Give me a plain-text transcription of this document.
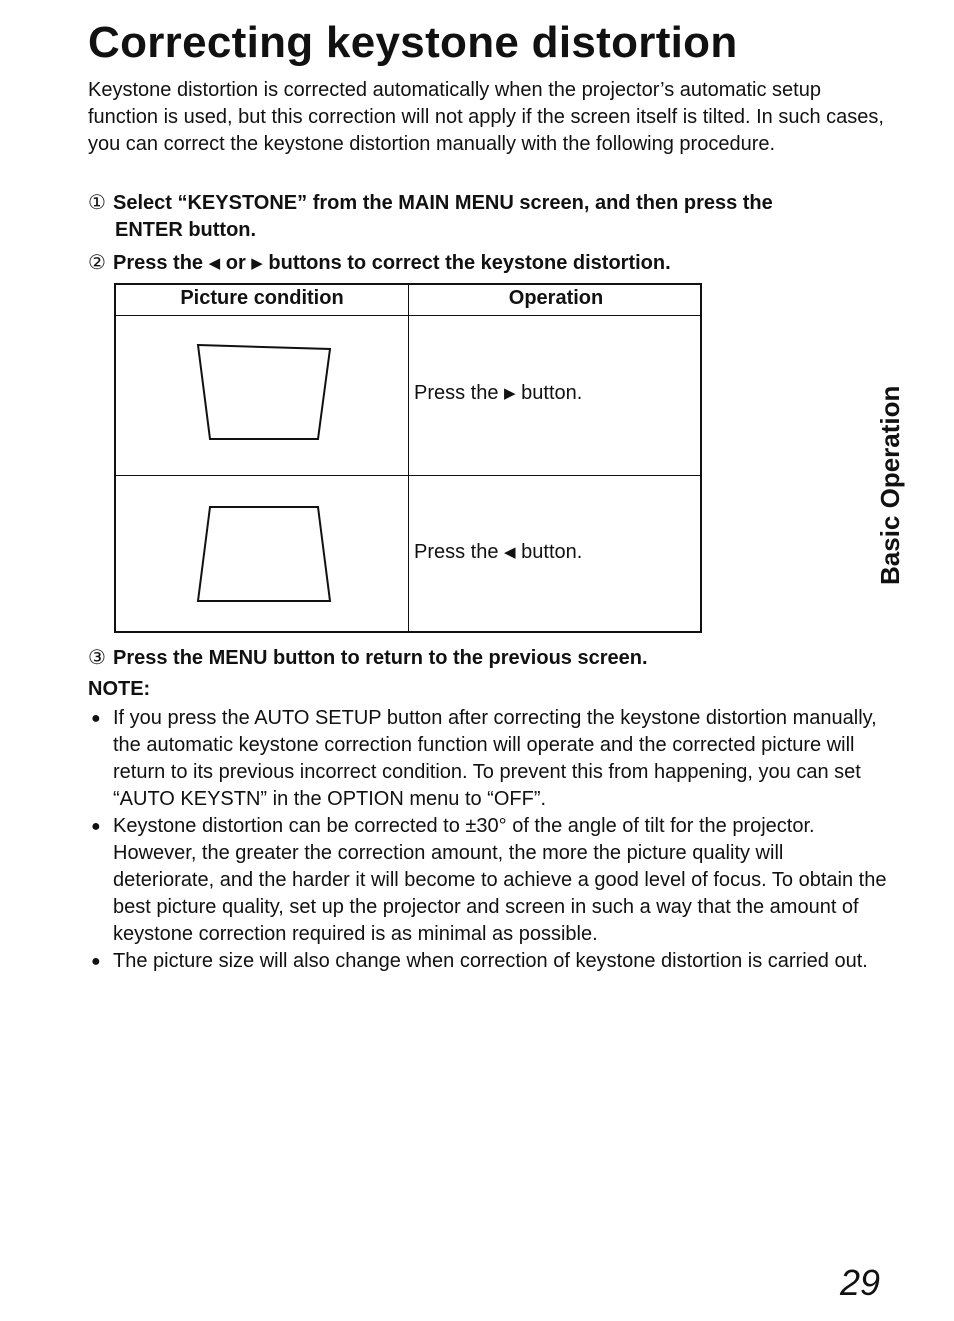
Correcting keystone distortion

Keystone distortion is corrected automatically when the projector’s automatic setup function is used, but this correction will not apply if the screen itself is tilted. In such cases, you can correct the keystone distortion manually with the following procedure.

① Select “KEYSTONE” from the MAIN MENU screen, and then press the
ENTER button.
② Press the ◀ or ▶ buttons to correct the keystone distortion.
Picture condition	Operation
Press the ▶ button.
Press the ◀ button.
③ Press the MENU button to return to the previous screen.
NOTE:
● If you press the AUTO SETUP button after correcting the keystone distortion manually, the automatic keystone correction function will operate and the corrected picture will return to its previous incorrect condition. To prevent this from happening, you can set “AUTO KEYSTN” in the OPTION menu to “OFF”.
● Keystone distortion can be corrected to ±30° of the angle of tilt for the projector. However, the greater the correction amount, the more the picture quality will deteriorate, and the harder it will become to achieve a good level of focus. To obtain the best picture quality, set up the projector and screen in such a way that the amount of keystone correction required is as minimal as possible.
● The picture size will also change when correction of keystone distortion is carried out.
Basic Operation
29
